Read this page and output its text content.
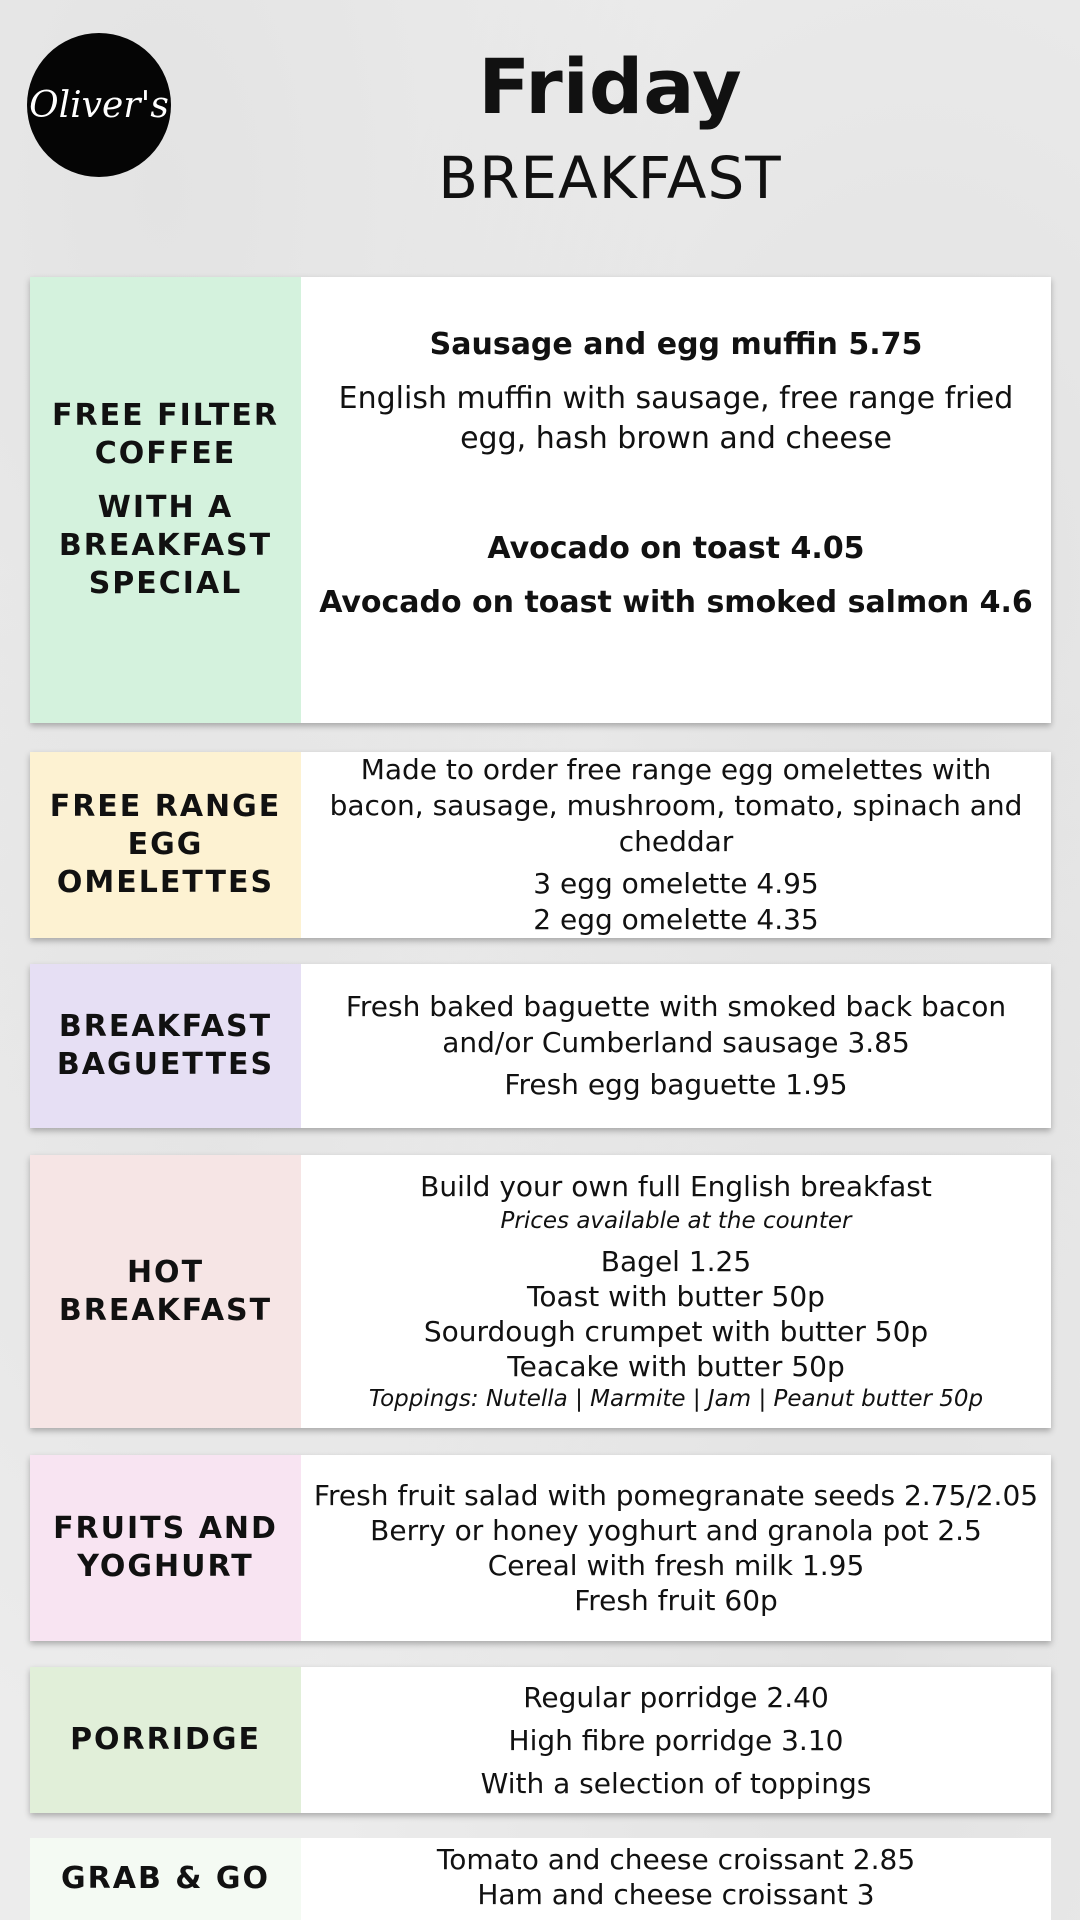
Oliver's	Friday
BREAKFAST
FREE FILTER COFFEE
WITH A BREAKFAST SPECIAL
Sausage and egg muffin 5.75
English muffin with sausage, free range fried egg, hash brown and cheese
Avocado on toast 4.05
Avocado on toast with smoked salmon 4.6
FREE RANGE EGG OMELETTES
Made to order free range egg omelettes with bacon, sausage, mushroom, tomato, spinach and cheddar
3 egg omelette 4.95
2 egg omelette 4.35
BREAKFAST BAGUETTES
Fresh baked baguette with smoked back bacon and/or Cumberland sausage 3.85
Fresh egg baguette 1.95
HOT BREAKFAST
Build your own full English breakfast
Prices available at the counter
Bagel 1.25
Toast with butter 50p
Sourdough crumpet with butter 50p
Teacake with butter 50p
Toppings: Nutella | Marmite | Jam | Peanut butter 50p
FRUITS AND YOGHURT
Fresh fruit salad with pomegranate seeds 2.75/2.05
Berry or honey yoghurt and granola pot 2.5
Cereal with fresh milk 1.95
Fresh fruit 60p
PORRIDGE
Regular porridge 2.40
High fibre porridge 3.10
With a selection of toppings
GRAB & GO
Tomato and cheese croissant 2.85
Ham and cheese croissant 3
